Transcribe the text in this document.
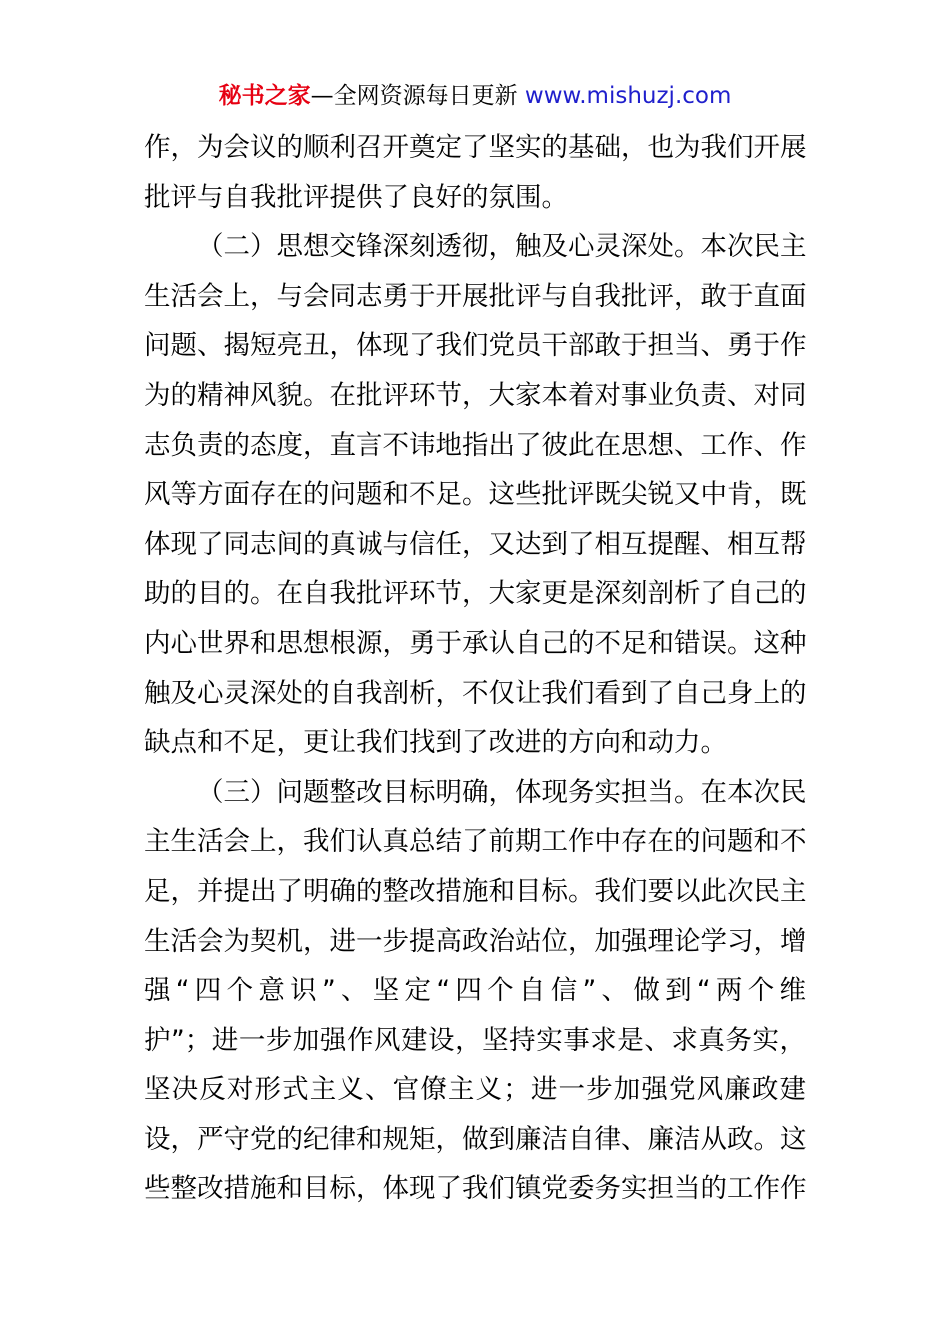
秘书之家—全网资源每日更新 www.mishuzj.com
作，为会议的顺利召开奠定了坚实的基础，也为我们开展
批评与自我批评提供了良好的氛围。
（二）思想交锋深刻透彻，触及心灵深处。本次民主
生活会上，与会同志勇于开展批评与自我批评，敢于直面
问题、揭短亮丑，体现了我们党员干部敢于担当、勇于作
为的精神风貌。在批评环节，大家本着对事业负责、对同
志负责的态度，直言不讳地指出了彼此在思想、工作、作
风等方面存在的问题和不足。这些批评既尖锐又中肯，既
体现了同志间的真诚与信任，又达到了相互提醒、相互帮
助的目的。在自我批评环节，大家更是深刻剖析了自己的
内心世界和思想根源，勇于承认自己的不足和错误。这种
触及心灵深处的自我剖析，不仅让我们看到了自己身上的
缺点和不足，更让我们找到了改进的方向和动力。
（三）问题整改目标明确，体现务实担当。在本次民
主生活会上，我们认真总结了前期工作中存在的问题和不
足，并提出了明确的整改措施和目标。我们要以此次民主
生活会为契机，进一步提高政治站位，加强理论学习，增
强“四个意识”、坚定“四个自信”、做到“两个维
护”；进一步加强作风建设，坚持实事求是、求真务实，
坚决反对形式主义、官僚主义；进一步加强党风廉政建
设，严守党的纪律和规矩，做到廉洁自律、廉洁从政。这
些整改措施和目标，体现了我们镇党委务实担当的工作作
